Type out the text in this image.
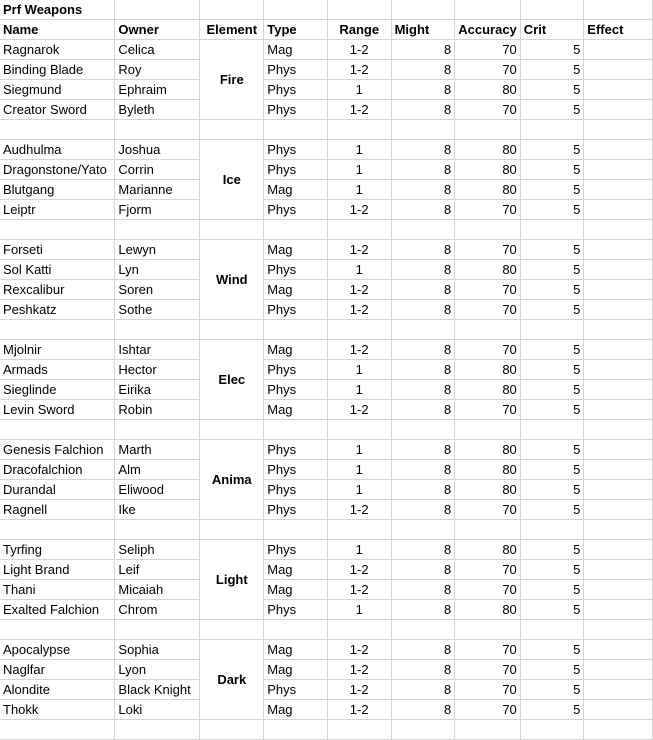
Prf Weapons								
Name	Owner	Element	Type	Range	Might	Accuracy	Crit	Effect
Ragnarok	Celica	Fire	Mag	1-2	8	70	5	
Binding Blade	Roy		Phys	1-2	8	70	5	
Siegmund	Ephraim		Phys	1	8	80	5	
Creator Sword	Byleth		Phys	1-2	8	70	5	

Audhulma	Joshua	Ice	Phys	1	8	80	5	
Dragonstone/Yato	Corrin		Phys	1	8	80	5	
Blutgang	Marianne		Mag	1	8	80	5	
Leiptr	Fjorm		Phys	1-2	8	70	5	

Forseti	Lewyn	Wind	Mag	1-2	8	70	5	
Sol Katti	Lyn		Phys	1	8	80	5	
Rexcalibur	Soren		Mag	1-2	8	70	5	
Peshkatz	Sothe		Phys	1-2	8	70	5	

Mjolnir	Ishtar	Elec	Mag	1-2	8	70	5	
Armads	Hector		Phys	1	8	80	5	
Sieglinde	Eirika		Phys	1	8	80	5	
Levin Sword	Robin		Mag	1-2	8	70	5	

Genesis Falchion	Marth	Anima	Phys	1	8	80	5	
Dracofalchion	Alm		Phys	1	8	80	5	
Durandal	Eliwood		Phys	1	8	80	5	
Ragnell	Ike		Phys	1-2	8	70	5	

Tyrfing	Seliph	Light	Phys	1	8	80	5	
Light Brand	Leif		Mag	1-2	8	70	5	
Thani	Micaiah		Mag	1-2	8	70	5	
Exalted Falchion	Chrom		Phys	1	8	80	5	

Apocalypse	Sophia	Dark	Mag	1-2	8	70	5	
Naglfar	Lyon		Mag	1-2	8	70	5	
Alondite	Black Knight		Phys	1-2	8	70	5	
Thokk	Loki		Mag	1-2	8	70	5	
